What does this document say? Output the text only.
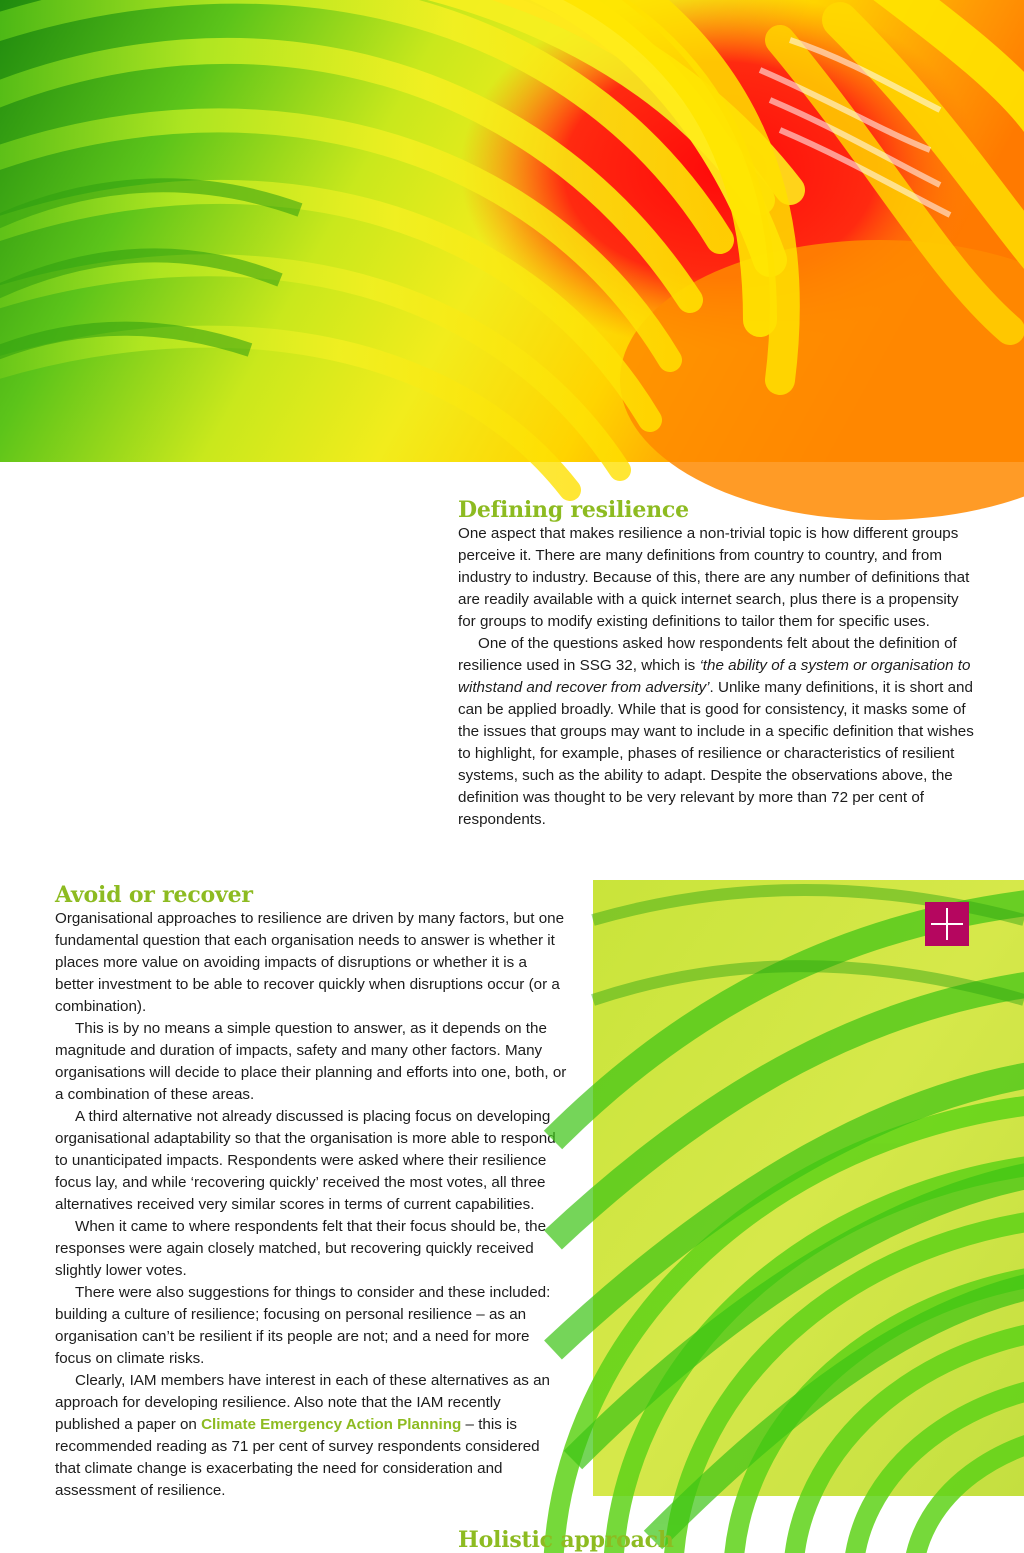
Defining resilience

One aspect that makes resilience a non-trivial topic is how different groups perceive it. There are many definitions from country to country, and from industry to industry. Because of this, there are any number of definitions that are readily available with a quick internet search, plus there is a propensity for groups to modify existing definitions to tailor them for specific uses.

One of the questions asked how respondents felt about the definition of resilience used in SSG 32, which is ‘the ability of a system or organisation to withstand and recover from adversity’. Unlike many definitions, it is short and can be applied broadly. While that is good for consistency, it masks some of the issues that groups may want to include in a specific definition that wishes to highlight, for example, phases of resilience or characteristics of resilient systems, such as the ability to adapt. Despite the observations above, the definition was thought to be very relevant by more than 72 per cent of respondents.

Avoid or recover

Organisational approaches to resilience are driven by many factors, but one fundamental question that each organisation needs to answer is whether it places more value on avoiding impacts of disruptions or whether it is a better investment to be able to recover quickly when disruptions occur (or a combination).

This is by no means a simple question to answer, as it depends on the magnitude and duration of impacts, safety and many other factors. Many organisations will decide to place their planning and efforts into one, both, or a combination of these areas.

A third alternative not already discussed is placing focus on developing organisational adaptability so that the organisation is more able to respond to unanticipated impacts. Respondents were asked where their resilience focus lay, and while ‘recovering quickly’ received the most votes, all three alternatives received very similar scores in terms of current capabilities.

When it came to where respondents felt that their focus should be, the responses were again closely matched, but recovering quickly received slightly lower votes.

There were also suggestions for things to consider and these included: building a culture of resilience; focusing on personal resilience – as an organisation can’t be resilient if its people are not; and a need for more focus on climate risks.

Clearly, IAM members have interest in each of these alternatives as an approach for developing resilience. Also note that the IAM recently published a paper on Climate Emergency Action Planning – this is recommended reading as 71 per cent of survey respondents considered that climate change is exacerbating the need for consideration and assessment of resilience.

Holistic approach
